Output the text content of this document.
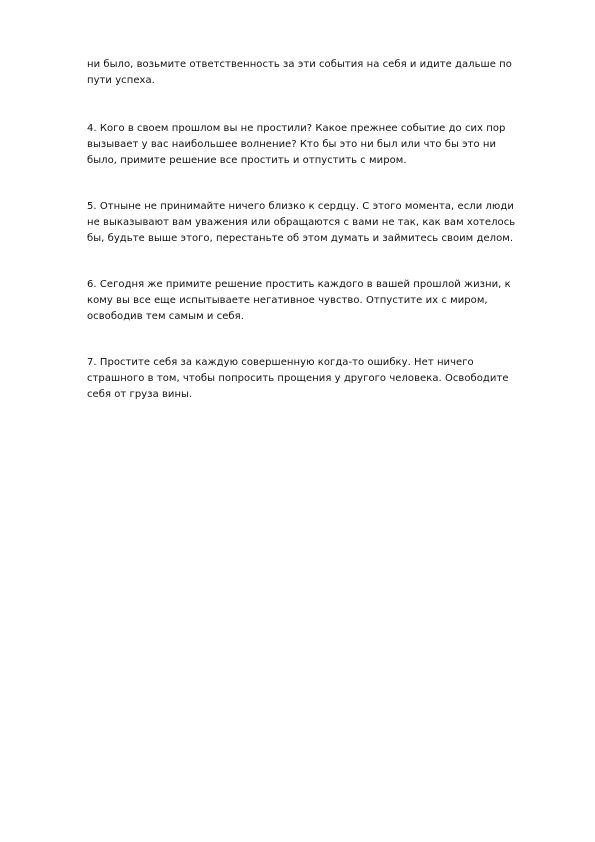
ни было, возьмите ответственность за эти события на себя и идите дальше по
пути успеха.

4. Кого в своем прошлом вы не простили? Какое прежнее событие до сих пор
вызывает у вас наибольшее волнение? Кто бы это ни был или что бы это ни
было, примите решение все простить и отпустить с миром.

5. Отныне не принимайте ничего близко к сердцу. С этого момента, если люди
не выказывают вам уважения или обращаются с вами не так, как вам хотелось
бы, будьте выше этого, перестаньте об этом думать и займитесь своим делом.

6. Сегодня же примите решение простить каждого в вашей прошлой жизни, к
кому вы все еще испытываете негативное чувство. Отпустите их с миром,
освободив тем самым и себя.

7. Простите себя за каждую совершенную когда-то ошибку. Нет ничего
страшного в том, чтобы попросить прощения у другого человека. Освободите
себя от груза вины.
